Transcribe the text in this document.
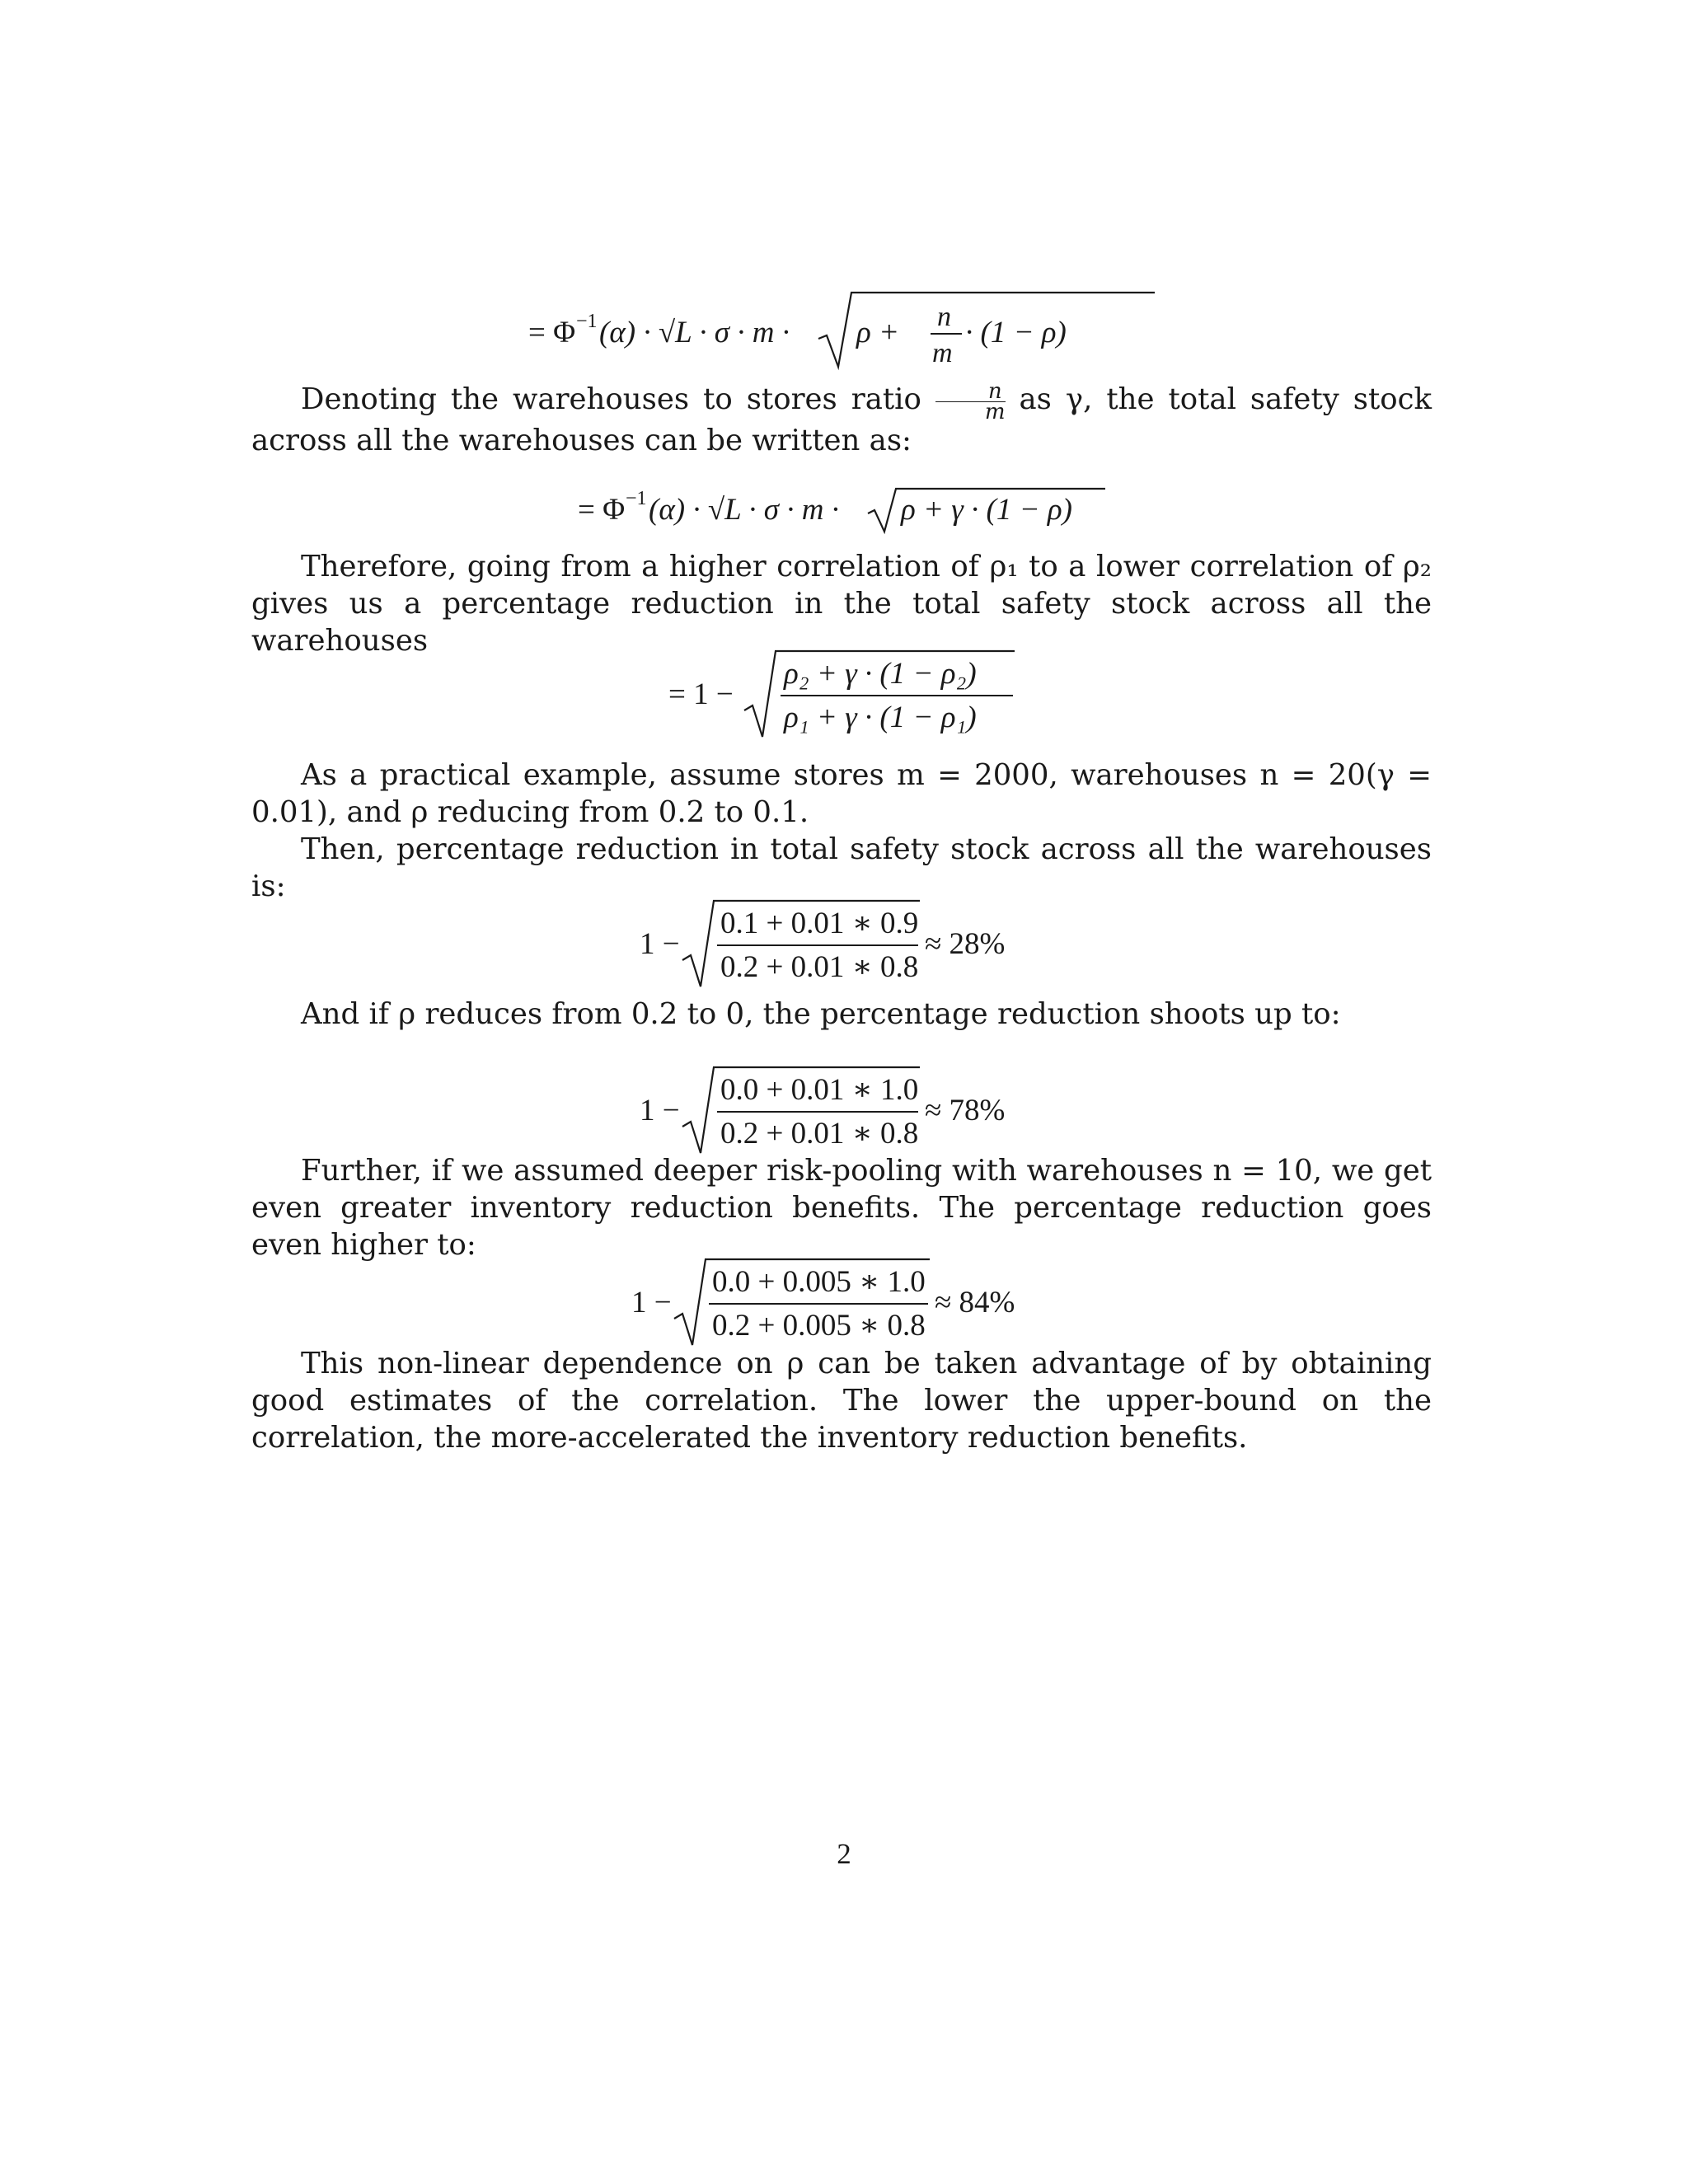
= Φ −1 (α) · √L · σ · m · ρ + n
m
· (1 − ρ)

Denoting the warehouses to stores ratio $\frac{n}{m}$ as γ, the total safety stock across all the warehouses can be written as:

= Φ −1 (α) · √L · σ · m · ρ + γ · (1 − ρ)

Therefore, going from a higher correlation of ρ₁ to a lower correlation of ρ₂ gives us a percentage reduction in the total safety stock across all the warehouses

= 1 −
ρ₂ + γ · (1 − ρ₂)
ρ₁ + γ · (1 − ρ₁)

As a practical example, assume stores m = 2000, warehouses n = 20(γ = 0.01), and ρ reducing from 0.2 to 0.1.

Then, percentage reduction in total safety stock across all the warehouses is:

1 −
0.1 + 0.01 ∗ 0.9
0.2 + 0.01 ∗ 0.8
≈ 28%

And if ρ reduces from 0.2 to 0, the percentage reduction shoots up to:

1 −
0.0 + 0.01 ∗ 1.0
0.2 + 0.01 ∗ 0.8
≈ 78%

Further, if we assumed deeper risk-pooling with warehouses n = 10, we get even greater inventory reduction benefits. The percentage reduction goes even higher to:

1 −
0.0 + 0.005 ∗ 1.0
0.2 + 0.005 ∗ 0.8
≈ 84%

This non-linear dependence on ρ can be taken advantage of by obtaining good estimates of the correlation. The lower the upper-bound on the correlation, the more-accelerated the inventory reduction benefits.

2
